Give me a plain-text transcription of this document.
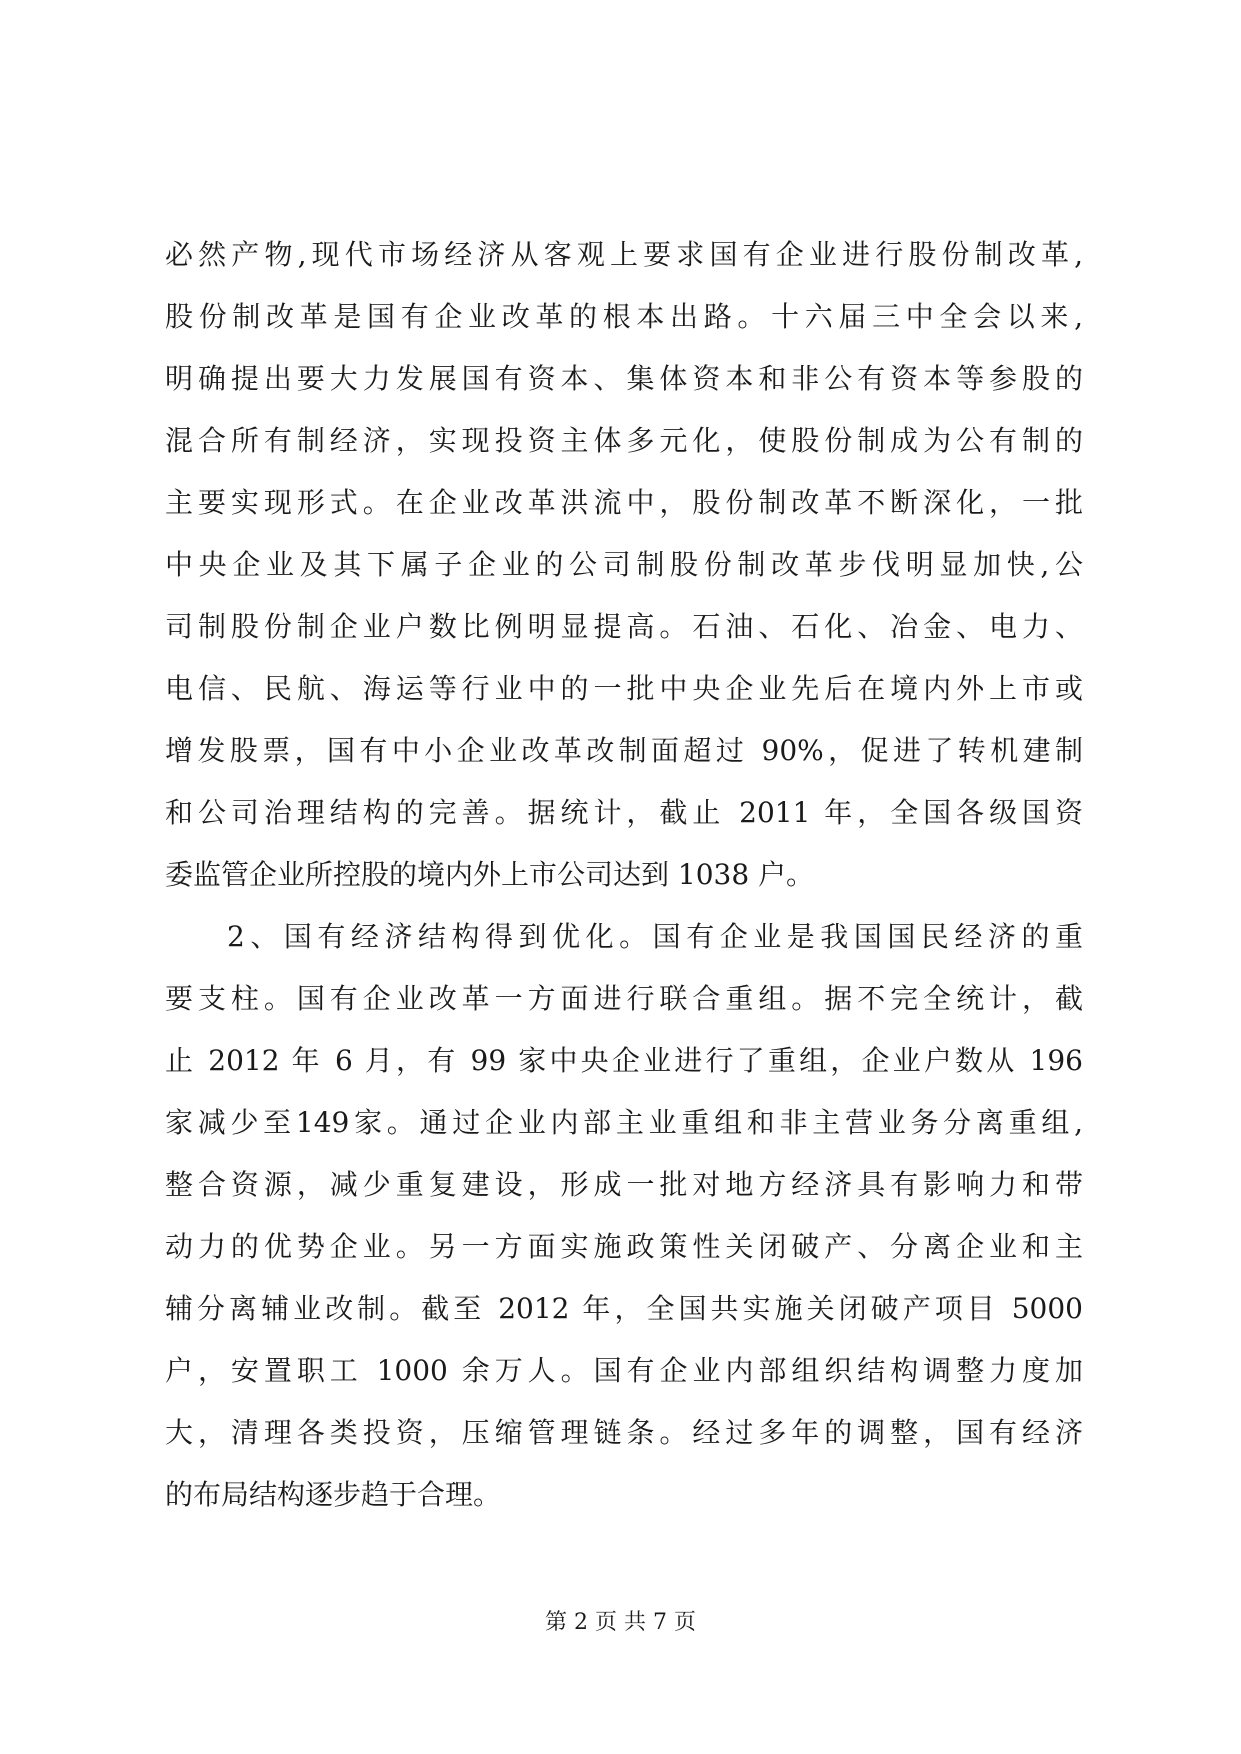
必然产物,现代市场经济从客观上要求国有企业进行股份制改革,
股份制改革是国有企业改革的根本出路。十六届三中全会以来,
明确提出要大力发展国有资本、集体资本和非公有资本等参股的
混合所有制经济，实现投资主体多元化，使股份制成为公有制的
主要实现形式。在企业改革洪流中，股份制改革不断深化，一批
中央企业及其下属子企业的公司制股份制改革步伐明显加快,公
司制股份制企业户数比例明显提高。石油、石化、冶金、电力、
电信、民航、海运等行业中的一批中央企业先后在境内外上市或
增发股票，国有中小企业改革改制面超过 90%，促进了转机建制
和公司治理结构的完善。据统计，截止 2011 年，全国各级国资
委监管企业所控股的境内外上市公司达到 1038 户。
2、国有经济结构得到优化。国有企业是我国国民经济的重
要支柱。国有企业改革一方面进行联合重组。据不完全统计，截
止 2012 年 6 月，有 99 家中央企业进行了重组，企业户数从 196
家减少至149家。通过企业内部主业重组和非主营业务分离重组,
整合资源，减少重复建设，形成一批对地方经济具有影响力和带
动力的优势企业。另一方面实施政策性关闭破产、分离企业和主
辅分离辅业改制。截至 2012 年，全国共实施关闭破产项目 5000
户，安置职工 1000 余万人。国有企业内部组织结构调整力度加
大，清理各类投资，压缩管理链条。经过多年的调整，国有经济
的布局结构逐步趋于合理。
第 2 页 共 7 页
